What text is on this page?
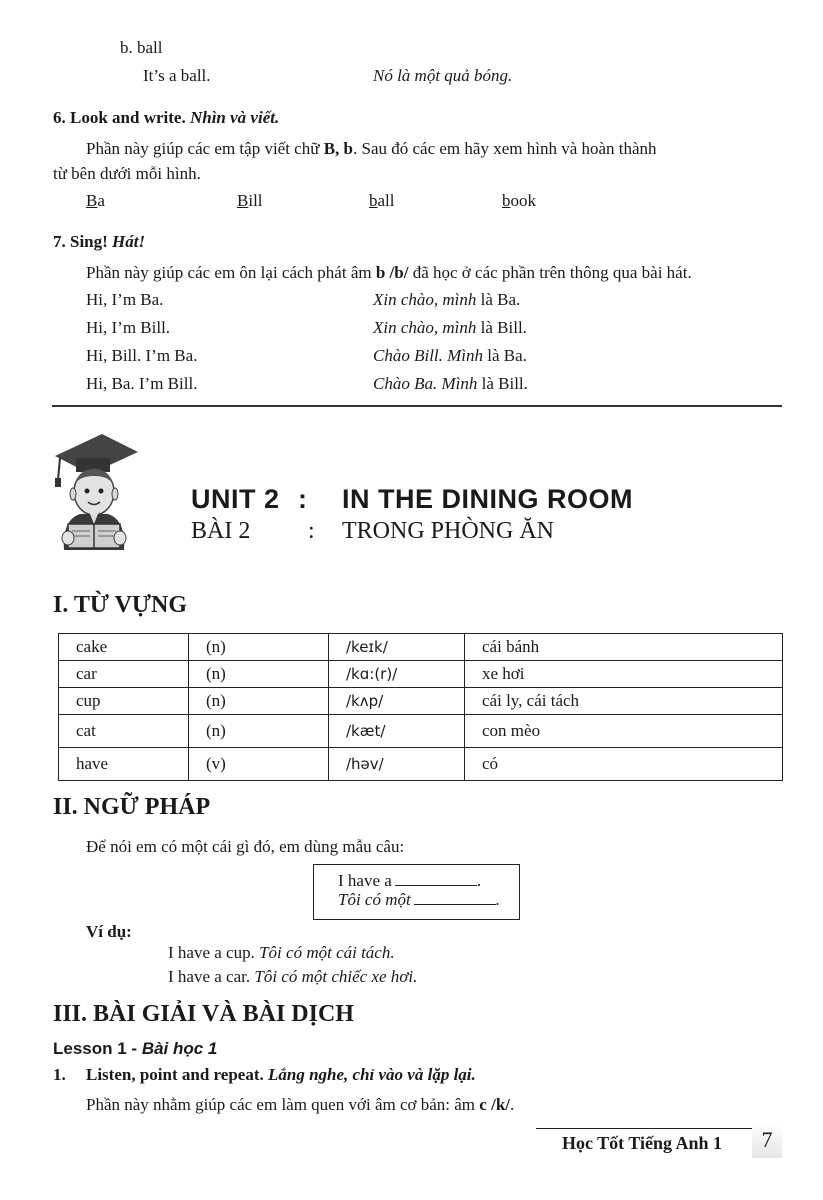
b. ball
It’s a ball.	Nó là một quả bóng.
6. Look and write. Nhìn và viết.
Phần này giúp các em tập viết chữ B, b. Sau đó các em hãy xem hình và hoàn thành
từ bên dưới mỗi hình.
Ba	Bill	ball	book
7. Sing! Hát!
Phần này giúp các em ôn lại cách phát âm b /b/ đã học ở các phần trên thông qua bài hát.
Hi, I’m Ba.	Xin chào, mình là Ba.
Hi, I’m Bill.	Xin chào, mình là Bill.
Hi, Bill. I’m Ba.	Chào Bill. Mình là Ba.
Hi, Ba. I’m Bill.	Chào Ba. Mình là Bill.
UNIT 2 : IN THE DINING ROOM
BÀI 2 : TRONG PHÒNG ĂN
I. TỪ VỰNG
cake	(n)	/keɪk/	cái bánh
car	(n)	/kɑ:(r)/	xe hơi
cup	(n)	/kʌp/	cái ly, cái tách
cat	(n)	/kæt/	con mèo
have	(v)	/həv/	có
II. NGỮ PHÁP
Để nói em có một cái gì đó, em dùng mẫu câu:
I have a	.
Tôi có một	.
Ví dụ:
I have a cup. Tôi có một cái tách.
I have a car. Tôi có một chiếc xe hơi.
III. BÀI GIẢI VÀ BÀI DỊCH
Lesson 1 - Bài học 1
1. Listen, point and repeat. Lắng nghe, chỉ vào và lặp lại.
Phần này nhằm giúp các em làm quen với âm cơ bản: âm c /k/.
Học Tốt Tiếng Anh 1	7
